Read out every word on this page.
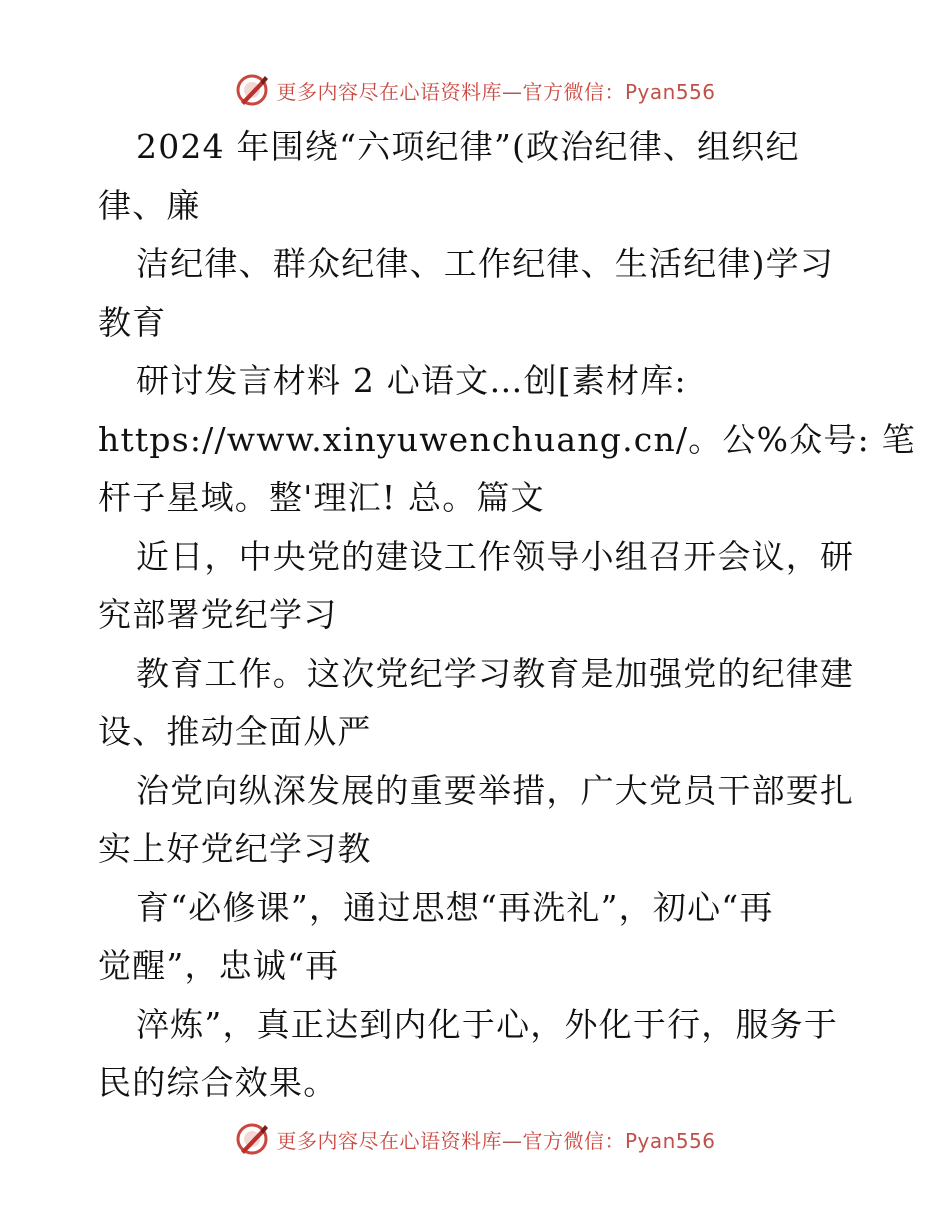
更多内容尽在心语资料库—官方微信：Pyan556
2024 年围绕“六项纪律”(政治纪律、组织纪
律、廉
洁纪律、群众纪律、工作纪律、生活纪律)学习
教育
研讨发言材料 2 心语文…创[素材库:
https://www.xinyuwenchuang.cn/。公%众号: 笔
杆子星域。整'理汇! 总。篇文
近日，中央党的建设工作领导小组召开会议，研
究部署党纪学习
教育工作。这次党纪学习教育是加强党的纪律建
设、推动全面从严
治党向纵深发展的重要举措，广大党员干部要扎
实上好党纪学习教
育“必修课”，通过思想“再洗礼”，初心“再
觉醒”，忠诚“再
淬炼”，真正达到内化于心，外化于行，服务于
民的综合效果。
更多内容尽在心语资料库—官方微信：Pyan556
